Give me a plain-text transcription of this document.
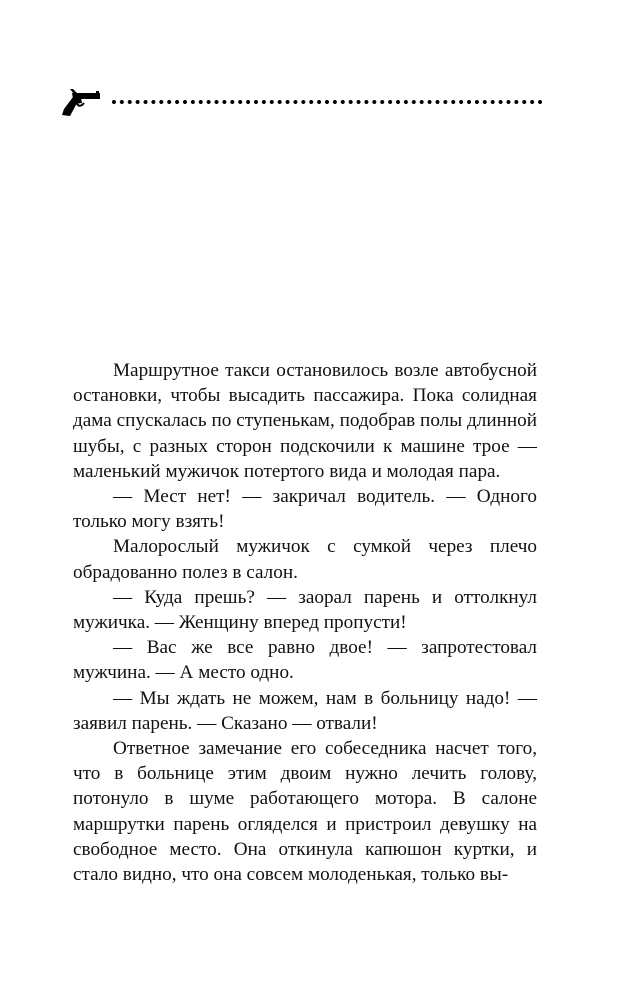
Маршрутное такси остановилось возле автобусной остановки, чтобы высадить пассажира. Пока солидная дама спускалась по ступенькам, подобрав полы длинной шубы, с разных сторон подскочили к машине трое — маленький мужичок потертого вида и молодая пара.

— Мест нет! — закричал водитель. — Одного только могу взять!

Малорослый мужичок с сумкой через плечо обрадованно полез в салон.

— Куда прешь? — заорал парень и оттолкнул мужичка. — Женщину вперед пропусти!

— Вас же все равно двое! — запротестовал мужчина. — А место одно.

— Мы ждать не можем, нам в больницу надо! — заявил парень. — Сказано — отвали!

Ответное замечание его собеседника насчет того, что в больнице этим двоим нужно лечить голову, потонуло в шуме работающего мотора. В салоне маршрутки парень огляделся и пристроил девушку на свободное место. Она откинула капюшон куртки, и стало видно, что она совсем молоденькая, только вы-
